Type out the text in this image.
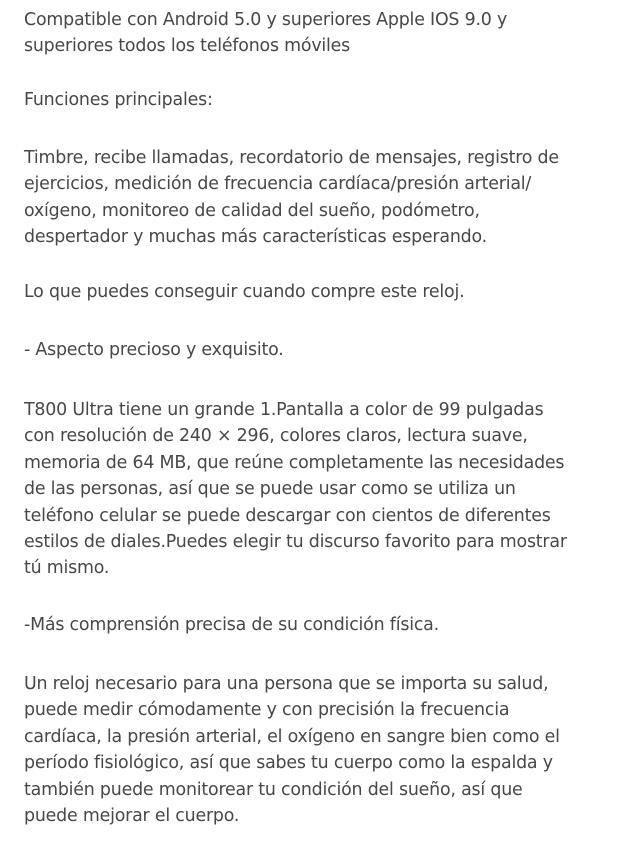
Compatible con Android 5.0 y superiores Apple IOS 9.0 y
superiores todos los teléfonos móviles
Funciones principales:
Timbre, recibe llamadas, recordatorio de mensajes, registro de
ejercicios, medición de frecuencia cardíaca/presión arterial/
oxígeno, monitoreo de calidad del sueño, podómetro,
despertador y muchas más características esperando.
Lo que puedes conseguir cuando compre este reloj.
- Aspecto precioso y exquisito.
T800 Ultra tiene un grande 1.Pantalla a color de 99 pulgadas
con resolución de 240 × 296, colores claros, lectura suave,
memoria de 64 MB, que reúne completamente las necesidades
de las personas, así que se puede usar como se utiliza un
teléfono celular se puede descargar con cientos de diferentes
estilos de diales.Puedes elegir tu discurso favorito para mostrar
tú mismo.
-Más comprensión precisa de su condición física.
Un reloj necesario para una persona que se importa su salud,
puede medir cómodamente y con precisión la frecuencia
cardíaca, la presión arterial, el oxígeno en sangre bien como el
período fisiológico, así que sabes tu cuerpo como la espalda y
también puede monitorear tu condición del sueño, así que
puede mejorar el cuerpo.
